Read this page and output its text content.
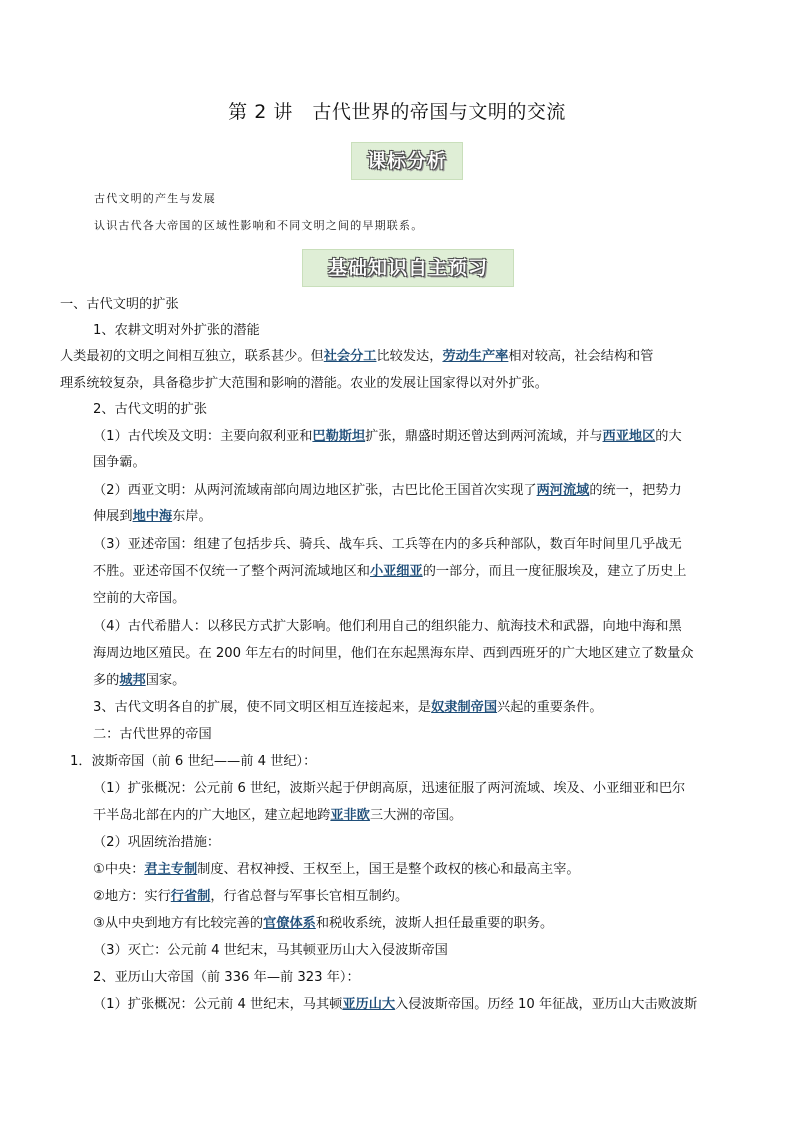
第 2 讲　古代世界的帝国与文明的交流
课标分析
古代文明的产生与发展
认识古代各大帝国的区域性影响和不同文明之间的早期联系。
基础知识自主预习
一、古代文明的扩张
1、农耕文明对外扩张的潜能
人类最初的文明之间相互独立，联系甚少。但社会分工比较发达，劳动生产率相对较高，社会结构和管
理系统较复杂，具备稳步扩大范围和影响的潜能。农业的发展让国家得以对外扩张。
2、古代文明的扩张
（1）古代埃及文明：主要向叙利亚和巴勒斯坦扩张，鼎盛时期还曾达到两河流域，并与西亚地区的大
国争霸。
（2）西亚文明：从两河流域南部向周边地区扩张，古巴比伦王国首次实现了两河流域的统一，把势力
伸展到地中海东岸。
（3）亚述帝国：组建了包括步兵、骑兵、战车兵、工兵等在内的多兵种部队，数百年时间里几乎战无
不胜。亚述帝国不仅统一了整个两河流域地区和小亚细亚的一部分，而且一度征服埃及，建立了历史上
空前的大帝国。
（4）古代希腊人：以移民方式扩大影响。他们利用自己的组织能力、航海技术和武器，向地中海和黑
海周边地区殖民。在 200 年左右的时间里，他们在东起黑海东岸、西到西班牙的广大地区建立了数量众
多的城邦国家。
3、古代文明各自的扩展，使不同文明区相互连接起来，是奴隶制帝国兴起的重要条件。
二：古代世界的帝国
1．波斯帝国（前 6 世纪——前 4 世纪）：
（1）扩张概况：公元前 6 世纪，波斯兴起于伊朗高原，迅速征服了两河流域、埃及、小亚细亚和巴尔
干半岛北部在内的广大地区，建立起地跨亚非欧三大洲的帝国。
（2）巩固统治措施：
①中央：君主专制制度、君权神授、王权至上，国王是整个政权的核心和最高主宰。
②地方：实行行省制，行省总督与军事长官相互制约。
③从中央到地方有比较完善的官僚体系和税收系统，波斯人担任最重要的职务。
（3）灭亡：公元前 4 世纪末，马其顿亚历山大入侵波斯帝国
2、亚历山大帝国（前 336 年—前 323 年）：
（1）扩张概况：公元前 4 世纪末，马其顿亚历山大入侵波斯帝国。历经 10 年征战，亚历山大击败波斯
